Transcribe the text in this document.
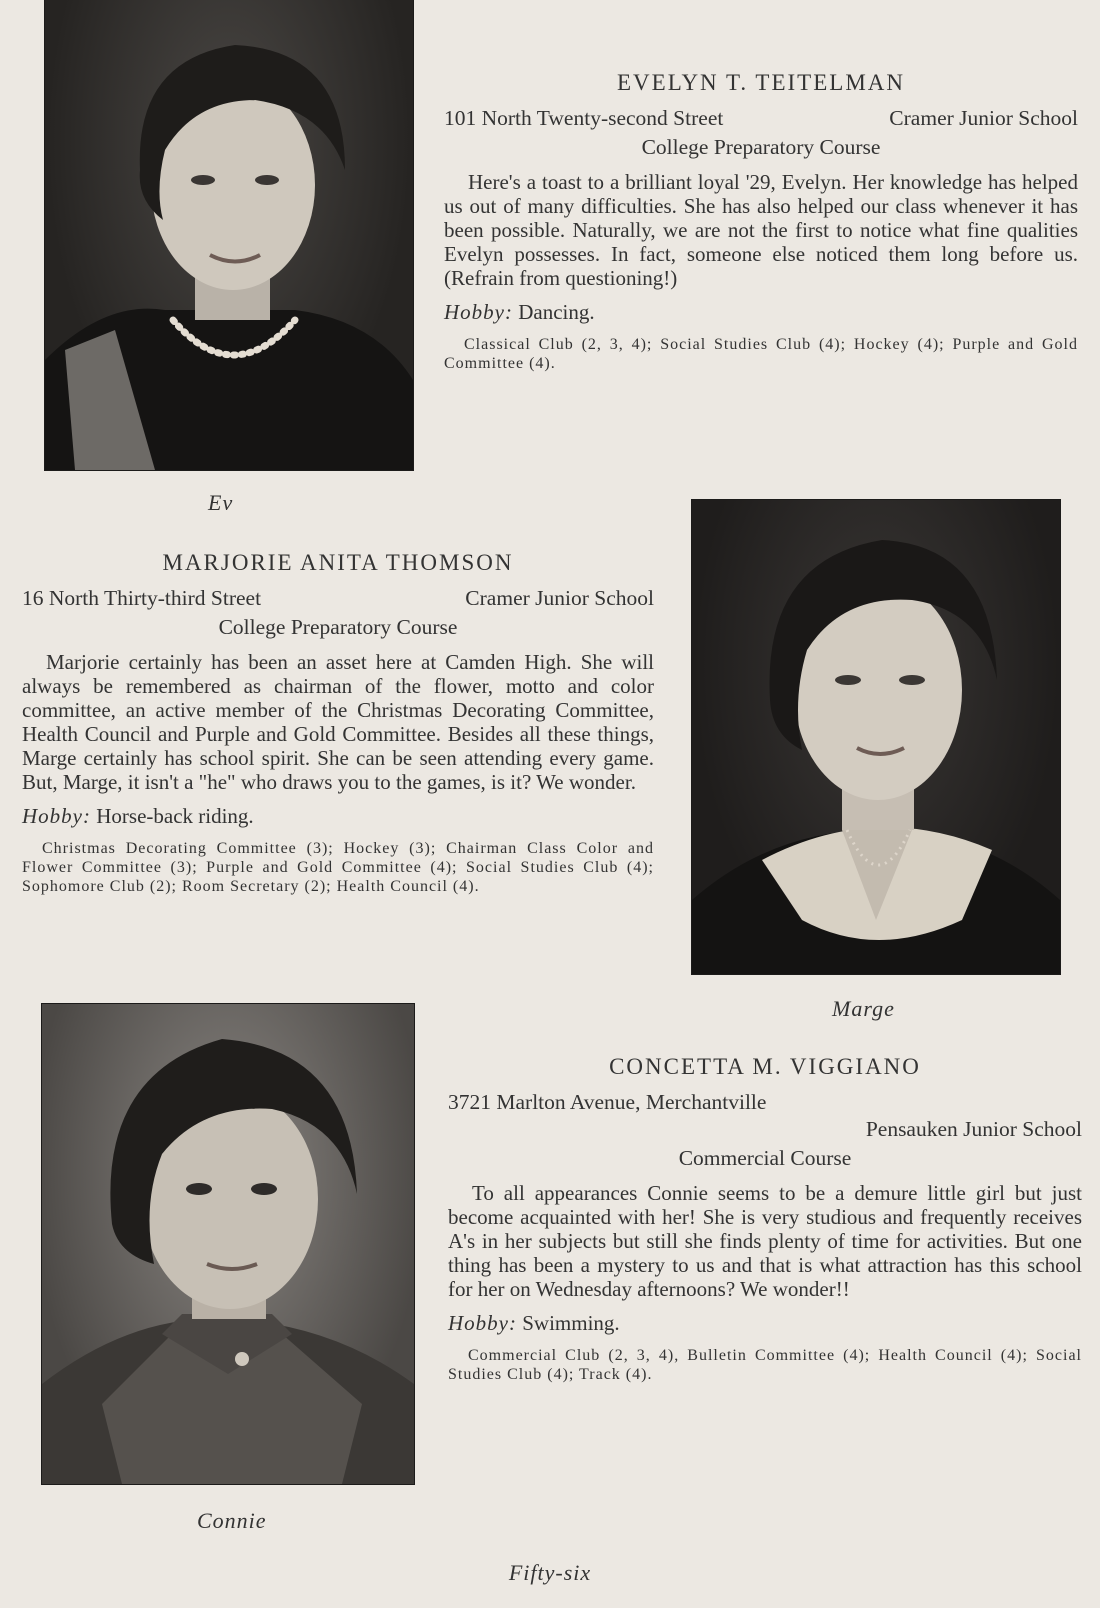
Ev
EVELYN T. TEITELMAN
101 North Twenty-second Street	Cramer Junior School
College Preparatory Course
Here's a toast to a brilliant loyal '29, Evelyn. Her knowledge has helped us out of many difficulties. She has also helped our class whenever it has been possible. Naturally, we are not the first to notice what fine qualities Evelyn possesses. In fact, someone else noticed them long before us. (Refrain from questioning!)
Hobby: Dancing.
Classical Club (2, 3, 4); Social Studies Club (4); Hockey (4); Purple and Gold Committee (4).
MARJORIE ANITA THOMSON
16 North Thirty-third Street	Cramer Junior School
College Preparatory Course
Marjorie certainly has been an asset here at Camden High. She will always be remembered as chairman of the flower, motto and color committee, an active member of the Christmas Decorating Committee, Health Council and Purple and Gold Committee. Besides all these things, Marge certainly has school spirit. She can be seen attending every game. But, Marge, it isn't a "he" who draws you to the games, is it? We wonder.
Hobby: Horse-back riding.
Christmas Decorating Committee (3); Hockey (3); Chairman Class Color and Flower Committee (3); Purple and Gold Committee (4); Social Studies Club (4); Sophomore Club (2); Room Secretary (2); Health Council (4).
Marge
Connie
CONCETTA M. VIGGIANO
3721 Marlton Avenue, Merchantville
Pensauken Junior School
Commercial Course
To all appearances Connie seems to be a demure little girl but just become acquainted with her! She is very studious and frequently receives A's in her subjects but still she finds plenty of time for activities. But one thing has been a mystery to us and that is what attraction has this school for her on Wednesday afternoons? We wonder!!
Hobby: Swimming.
Commercial Club (2, 3, 4), Bulletin Committee (4); Health Council (4); Social Studies Club (4); Track (4).
Fifty-six
